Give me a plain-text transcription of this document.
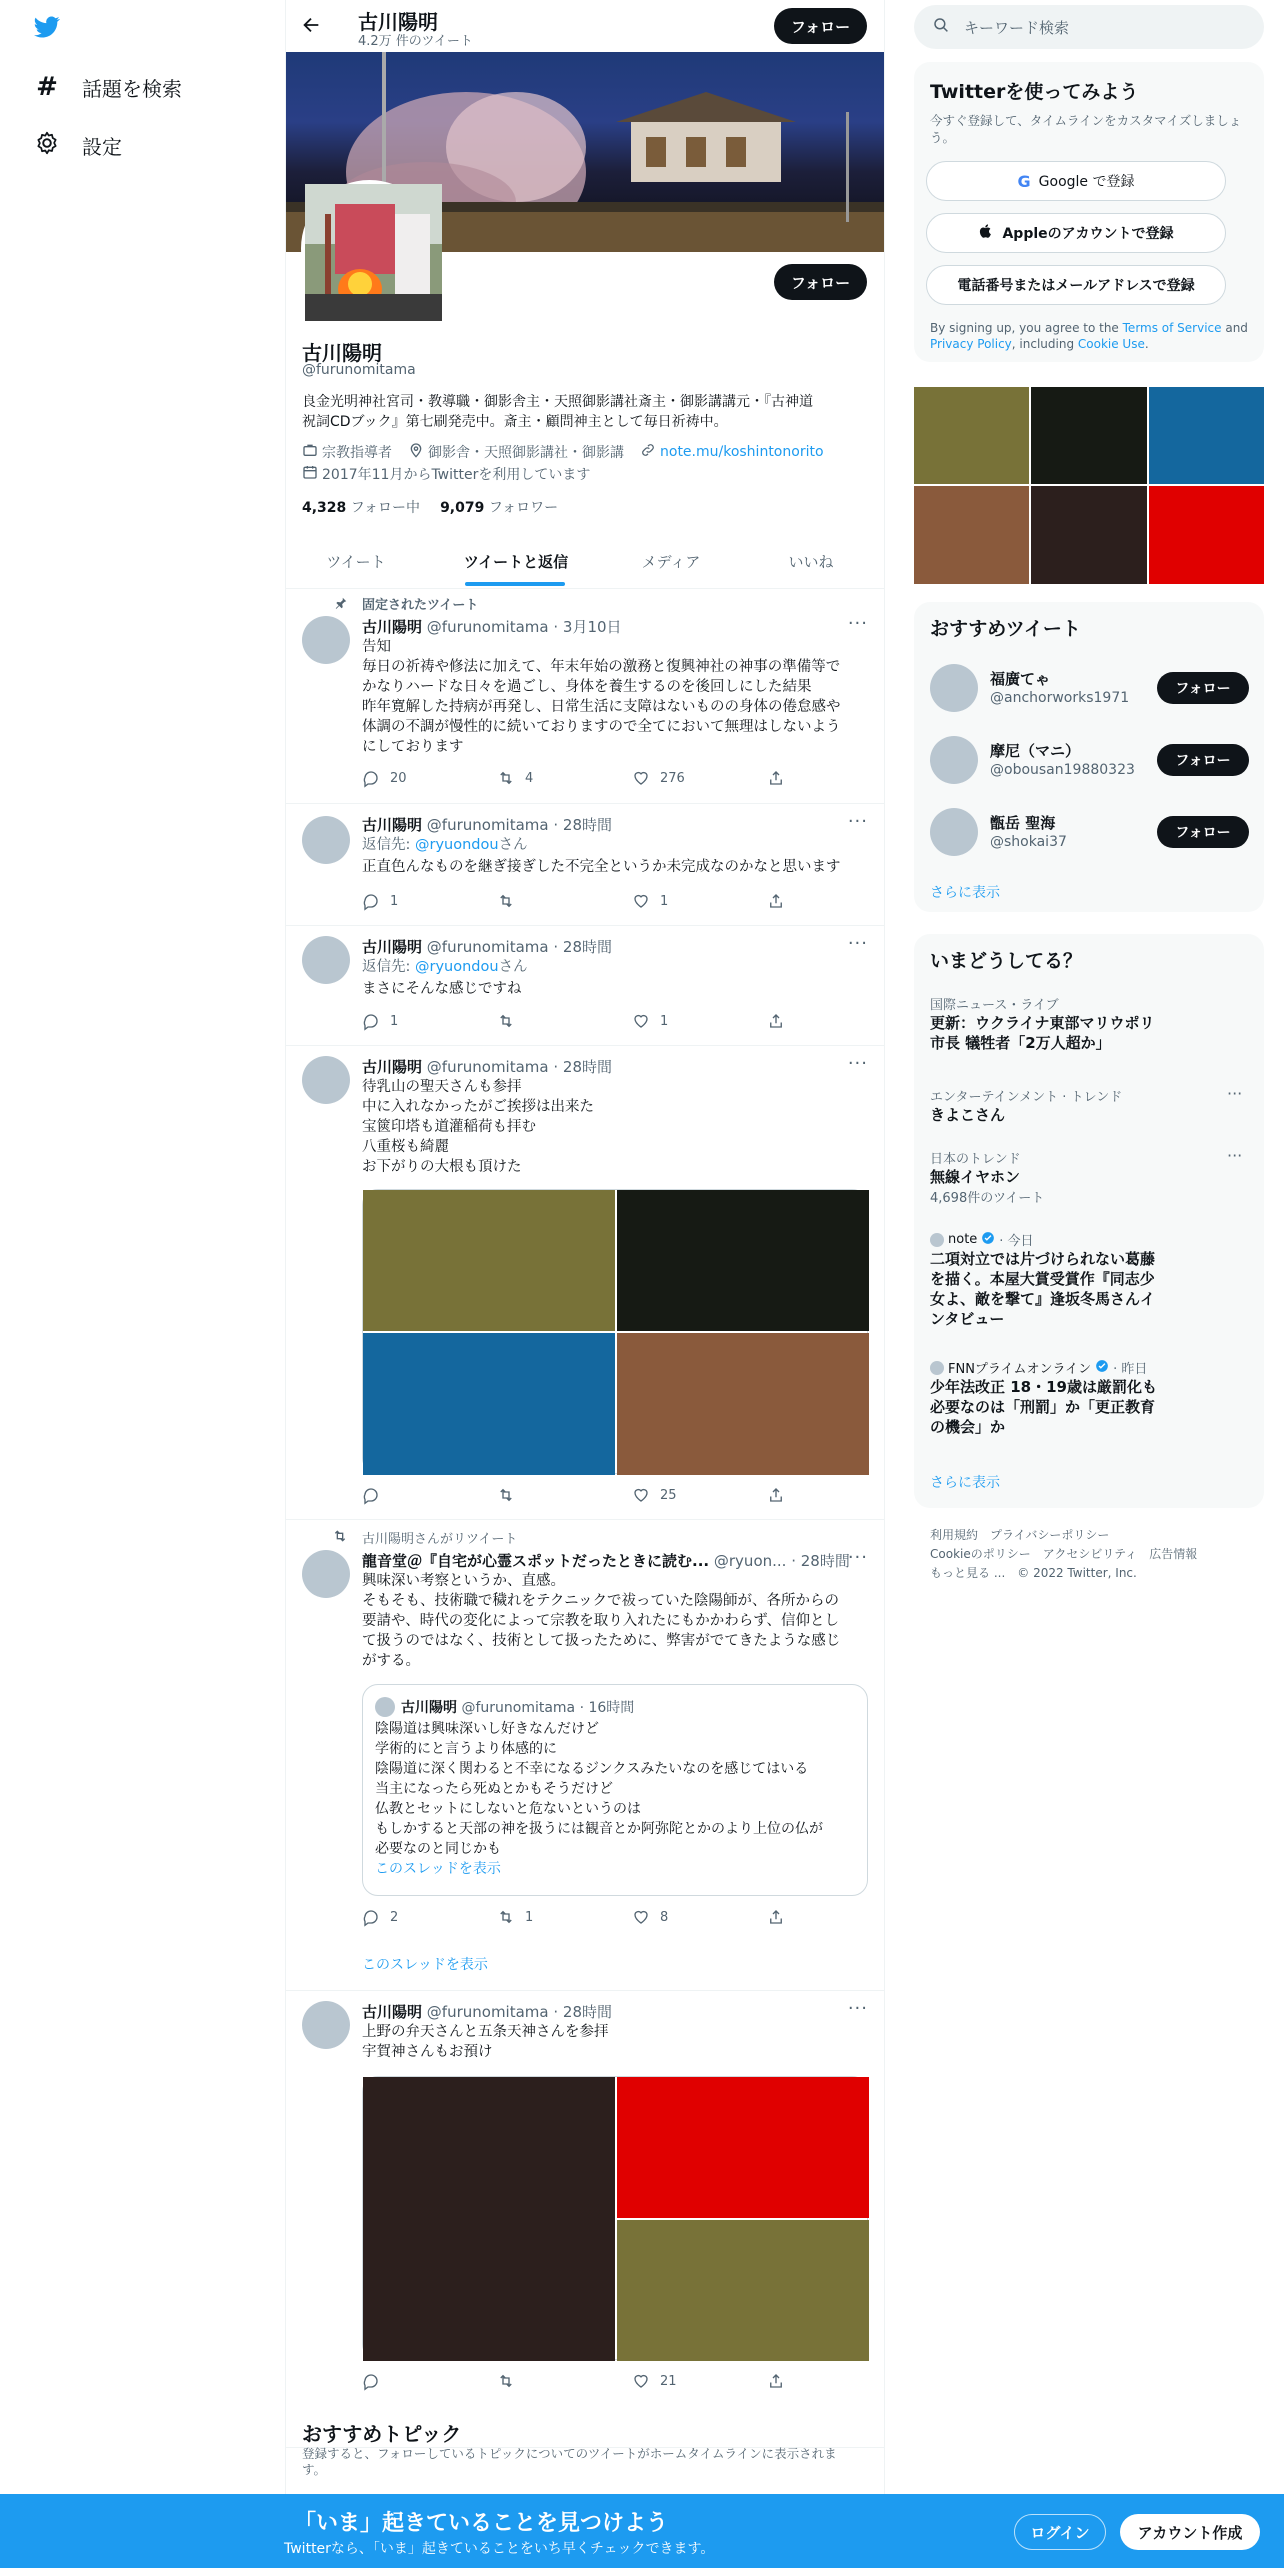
# 話題を検索
設定
古川陽明
4.2万 件のツイート
フォロー
フォロー
古川陽明
@furunomitama
良金光明神社宮司・教導職・御影舎主・天照御影講社斎主・御影講講元・『古神道
祝詞CDブック』第七刷発売中。斎主・顧問神主として毎日祈祷中。
宗教指導者	御影舎・天照御影講社・御影講	note.mu/koshintonorito
2017年11月からTwitterを利用しています
4,328 フォロー中 9,079 フォロワー
ツイート	ツイートと返信	メディア	いいね
固定されたツイート
古川陽明 @furunomitama · 3月10日	···
告知
毎日の祈祷や修法に加えて、年末年始の激務と復興神社の神事の準備等で
かなりハードな日々を過ごし、身体を養生するのを後回しにした結果
昨年寛解した持病が再発し、日常生活に支障はないものの身体の倦怠感や
体調の不調が慢性的に続いておりますので全てにおいて無理はしないよう
にしております
20	4	276
古川陽明 @furunomitama · 28時間	···
返信先: @ryuondouさん
正直色んなものを継ぎ接ぎした不完全というか未完成なのかなと思います
1	1
古川陽明 @furunomitama · 28時間	···
返信先: @ryuondouさん
まさにそんな感じですね
1	1
古川陽明 @furunomitama · 28時間	···
待乳山の聖天さんも参拝
中に入れなかったがご挨拶は出来た
宝篋印塔も道灌稲荷も拝む
八重桜も綺麗
お下がりの大根も頂けた
25
古川陽明さんがリツイート
龍音堂＠『自宅が心霊スポットだったときに読む... @ryuon... · 28時間
···
興味深い考察というか、直感。
そもそも、技術職で穢れをテクニックで祓っていた陰陽師が、各所からの
要請や、時代の変化によって宗教を取り入れたにもかかわらず、信仰とし
て扱うのではなく、技術として扱ったために、弊害がでてきたような感じ
がする。
古川陽明 @furunomitama · 16時間
陰陽道は興味深いし好きなんだけど
学術的にと言うより体感的に
陰陽道に深く関わると不幸になるジンクスみたいなのを感じてはいる
当主になったら死ぬとかもそうだけど
仏教とセットにしないと危ないというのは
もしかすると天部の神を扱うには観音とか阿弥陀とかのより上位の仏が
必要なのと同じかも
このスレッドを表示
2	1	8
このスレッドを表示
古川陽明 @furunomitama · 28時間	···
上野の弁天さんと五条天神さんを参拝
宇賀神さんもお預け
21
おすすめトピック
登録すると、フォローしているトピックについてのツイートがホームタイムラインに表示されま
す。
キーワード検索
Twitterを使ってみよう
今すぐ登録して、タイムラインをカスタマイズしましょ
う。
G Google で登録
Appleのアカウントで登録
電話番号またはメールアドレスで登録
By signing up, you agree to the Terms of Service and
Privacy Policy, including Cookie Use.
おすすめツイート
福廣てゃ
@anchorworks1971
フォロー
摩尼（マニ）
@obousan19880323
フォロー
甑岳 聖海
@shokai37
フォロー
さらに表示
いまどうしてる？
国際ニュース・ライブ
更新：ウクライナ東部マリウポリ
市長 犠牲者「2万人超か」
エンターテインメント · トレンド
きよこさん
···
日本のトレンド
無線イヤホン
4,698件のツイート
···
note · 今日
二項対立では片づけられない葛藤
を描く。本屋大賞受賞作『同志少
女よ、敵を撃て』逢坂冬馬さんイ
ンタビュー
FNNプライムオンライン · 昨日
少年法改正 18・19歳は厳罰化も
必要なのは「刑罰」か「更正教育
の機会」か
さらに表示
利用規約 プライバシーポリシー
Cookieのポリシー アクセシビリティ 広告情報
もっと見る ... © 2022 Twitter, Inc.
「いま」起きていることを見つけよう
Twitterなら、「いま」起きていることをいち早くチェックできます。
ログイン	アカウント作成
